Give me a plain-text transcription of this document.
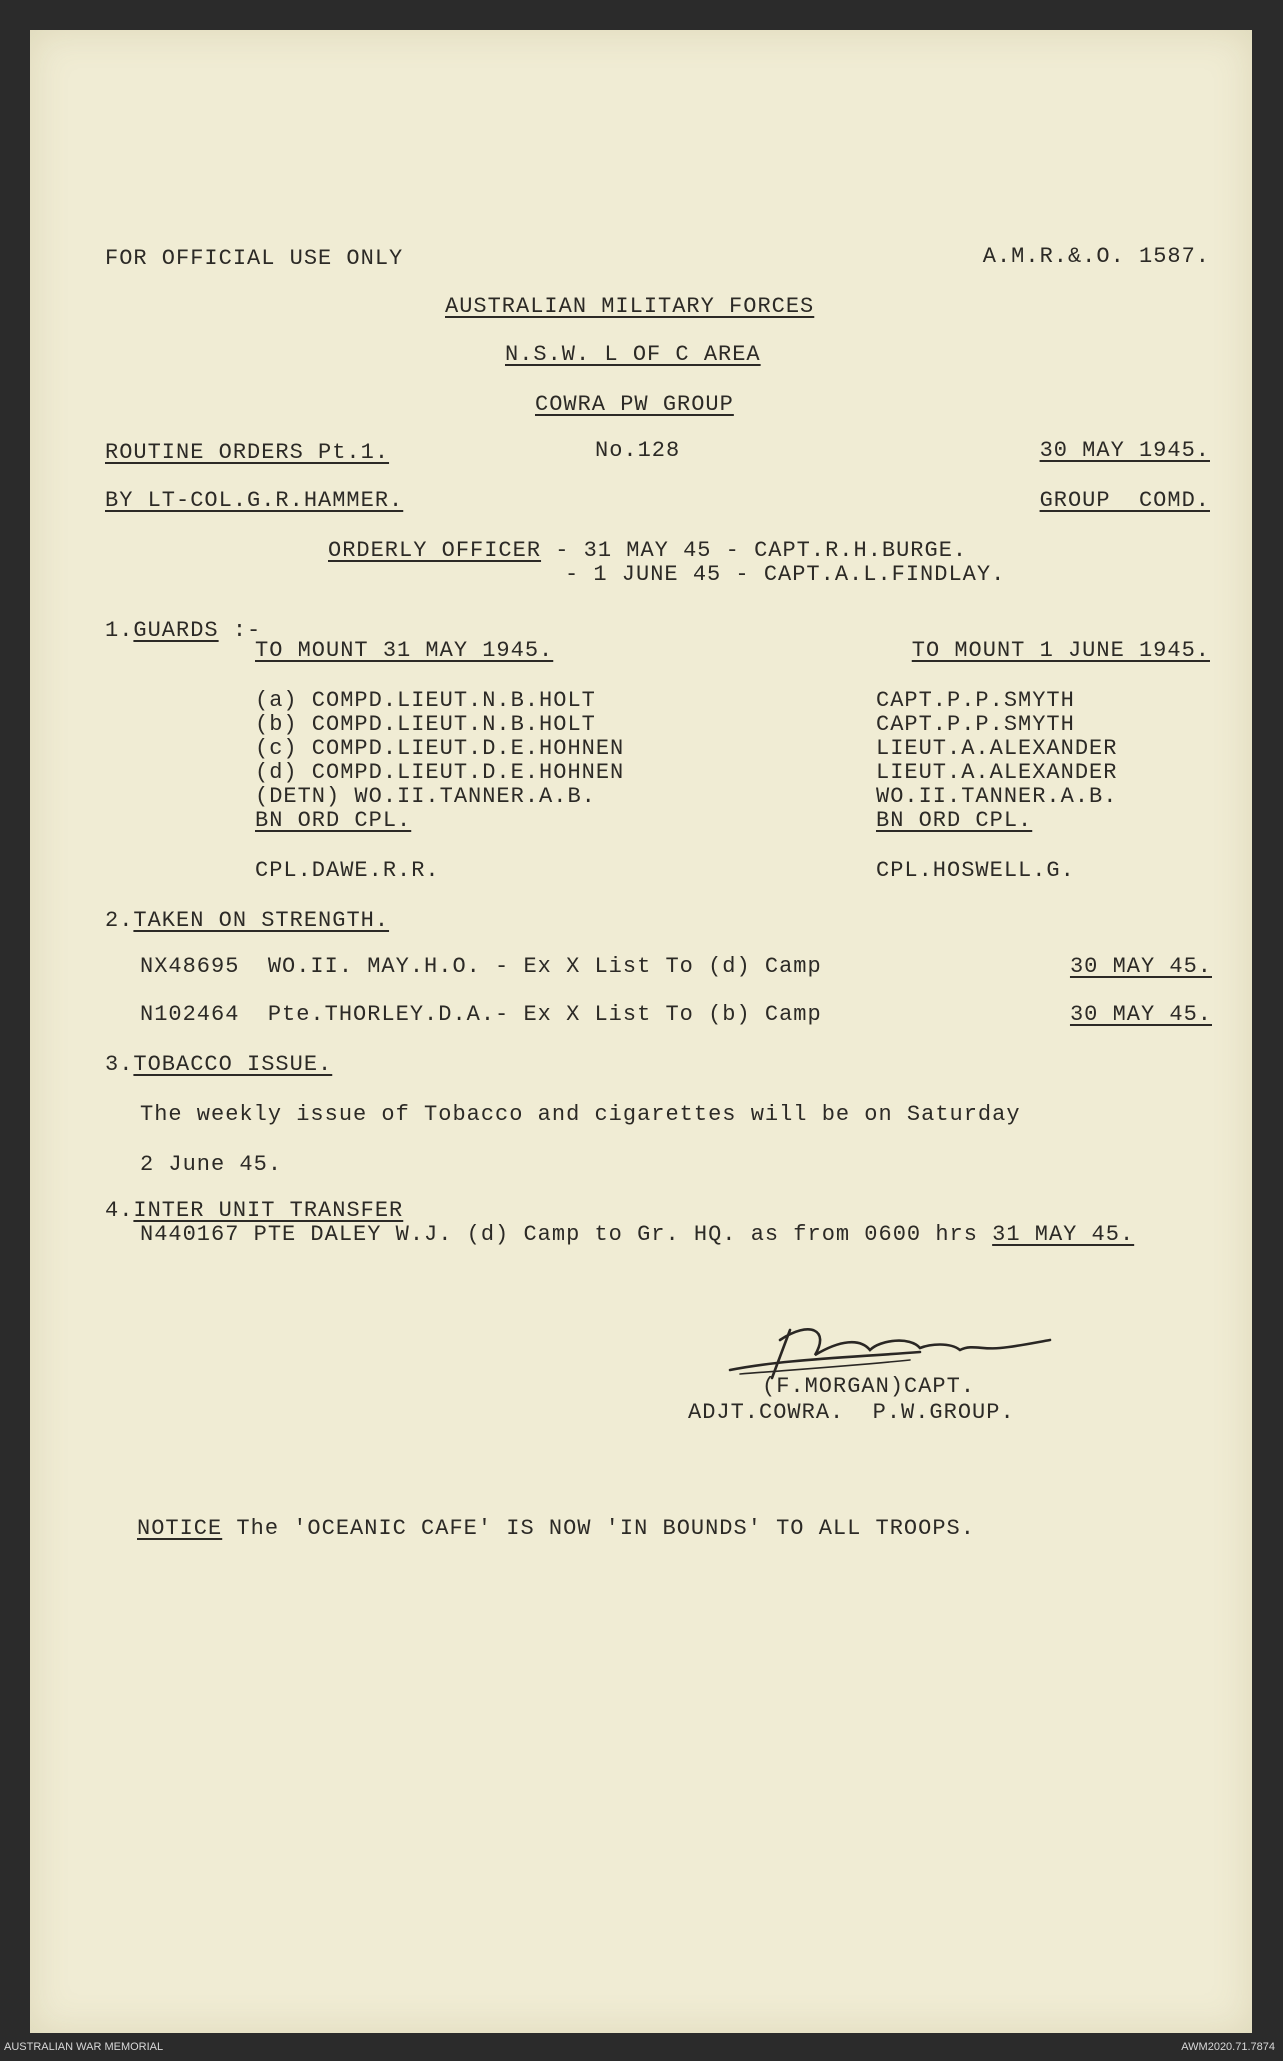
FOR OFFICIAL USE ONLY	A.M.R.&.O. 1587.
AUSTRALIAN MILITARY FORCES
N.S.W. L OF C AREA
COWRA PW GROUP
ROUTINE ORDERS Pt.1.	No.128	30 MAY 1945.
BY LT-COL.G.R.HAMMER.	GROUP  COMD.
ORDERLY OFFICER - 31 MAY 45 - CAPT.R.H.BURGE.
- 1 JUNE 45 - CAPT.A.L.FINDLAY.
1.GUARDS :-
TO MOUNT 31 MAY 1945.	TO MOUNT 1 JUNE 1945.
(a) COMPD.LIEUT.N.B.HOLT	CAPT.P.P.SMYTH
(b) COMPD.LIEUT.N.B.HOLT	CAPT.P.P.SMYTH
(c) COMPD.LIEUT.D.E.HOHNEN	LIEUT.A.ALEXANDER
(d) COMPD.LIEUT.D.E.HOHNEN	LIEUT.A.ALEXANDER
(DETN) WO.II.TANNER.A.B.	WO.II.TANNER.A.B.
BN ORD CPL.	BN ORD CPL.
CPL.DAWE.R.R.	CPL.HOSWELL.G.
2.TAKEN ON STRENGTH.
NX48695  WO.II. MAY.H.O. - Ex X List To (d) Camp	30 MAY 45.
N102464  Pte.THORLEY.D.A.- Ex X List To (b) Camp	30 MAY 45.
3.TOBACCO ISSUE.
The weekly issue of Tobacco and cigarettes will be on Saturday
2 June 45.
4.INTER UNIT TRANSFER
N440167 PTE DALEY W.J. (d) Camp to Gr. HQ. as from 0600 hrs 31 MAY 45.
(F.MORGAN)CAPT.
ADJT.COWRA.  P.W.GROUP.
NOTICE The 'OCEANIC CAFE' IS NOW 'IN BOUNDS' TO ALL TROOPS.
AUSTRALIAN WAR MEMORIAL	AWM2020.71.7874
